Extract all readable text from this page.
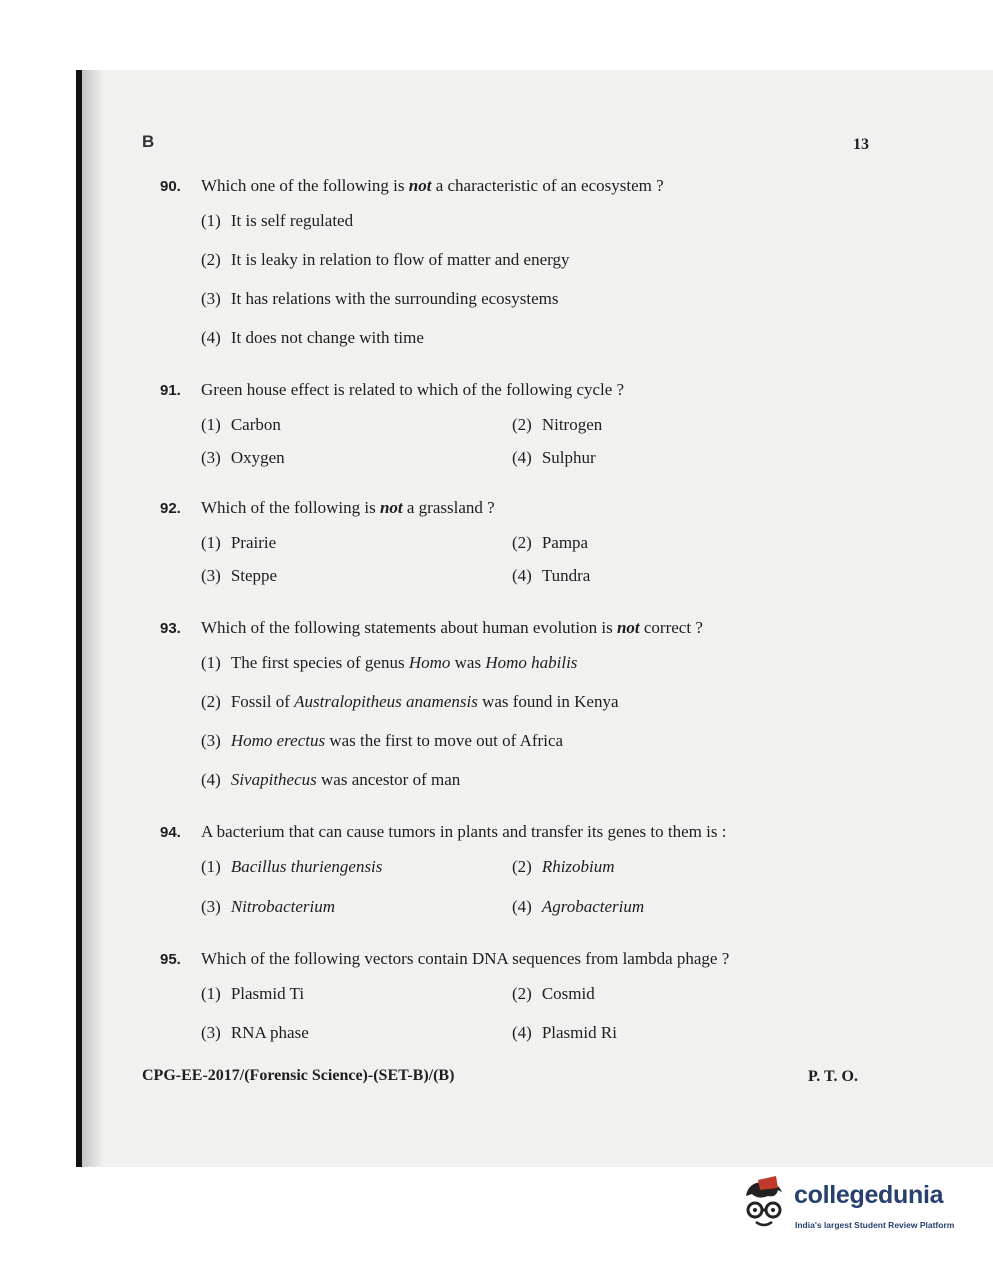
B	13
90.	Which one of the following is not a characteristic of an ecosystem ?
(1) It is self regulated
(2) It is leaky in relation to flow of matter and energy
(3) It has relations with the surrounding ecosystems
(4) It does not change with time
91.	Green house effect is related to which of the following cycle ?
(1) Carbon	(2) Nitrogen
(3) Oxygen	(4) Sulphur
92.	Which of the following is not a grassland ?
(1) Prairie	(2) Pampa
(3) Steppe	(4) Tundra
93.	Which of the following statements about human evolution is not correct ?
(1) The first species of genus Homo was Homo habilis
(2) Fossil of Australopitheus anamensis was found in Kenya
(3) Homo erectus was the first to move out of Africa
(4) Sivapithecus was ancestor of man
94.	A bacterium that can cause tumors in plants and transfer its genes to them is :
(1) Bacillus thuriengensis	(2) Rhizobium
(3) Nitrobacterium	(4) Agrobacterium
95.	Which of the following vectors contain DNA sequences from lambda phage ?
(1) Plasmid Ti	(2) Cosmid
(3) RNA phase	(4) Plasmid Ri
CPG-EE-2017/(Forensic Science)-(SET-B)/(B)	P. T. O.
collegedunia
India's largest Student Review Platform
